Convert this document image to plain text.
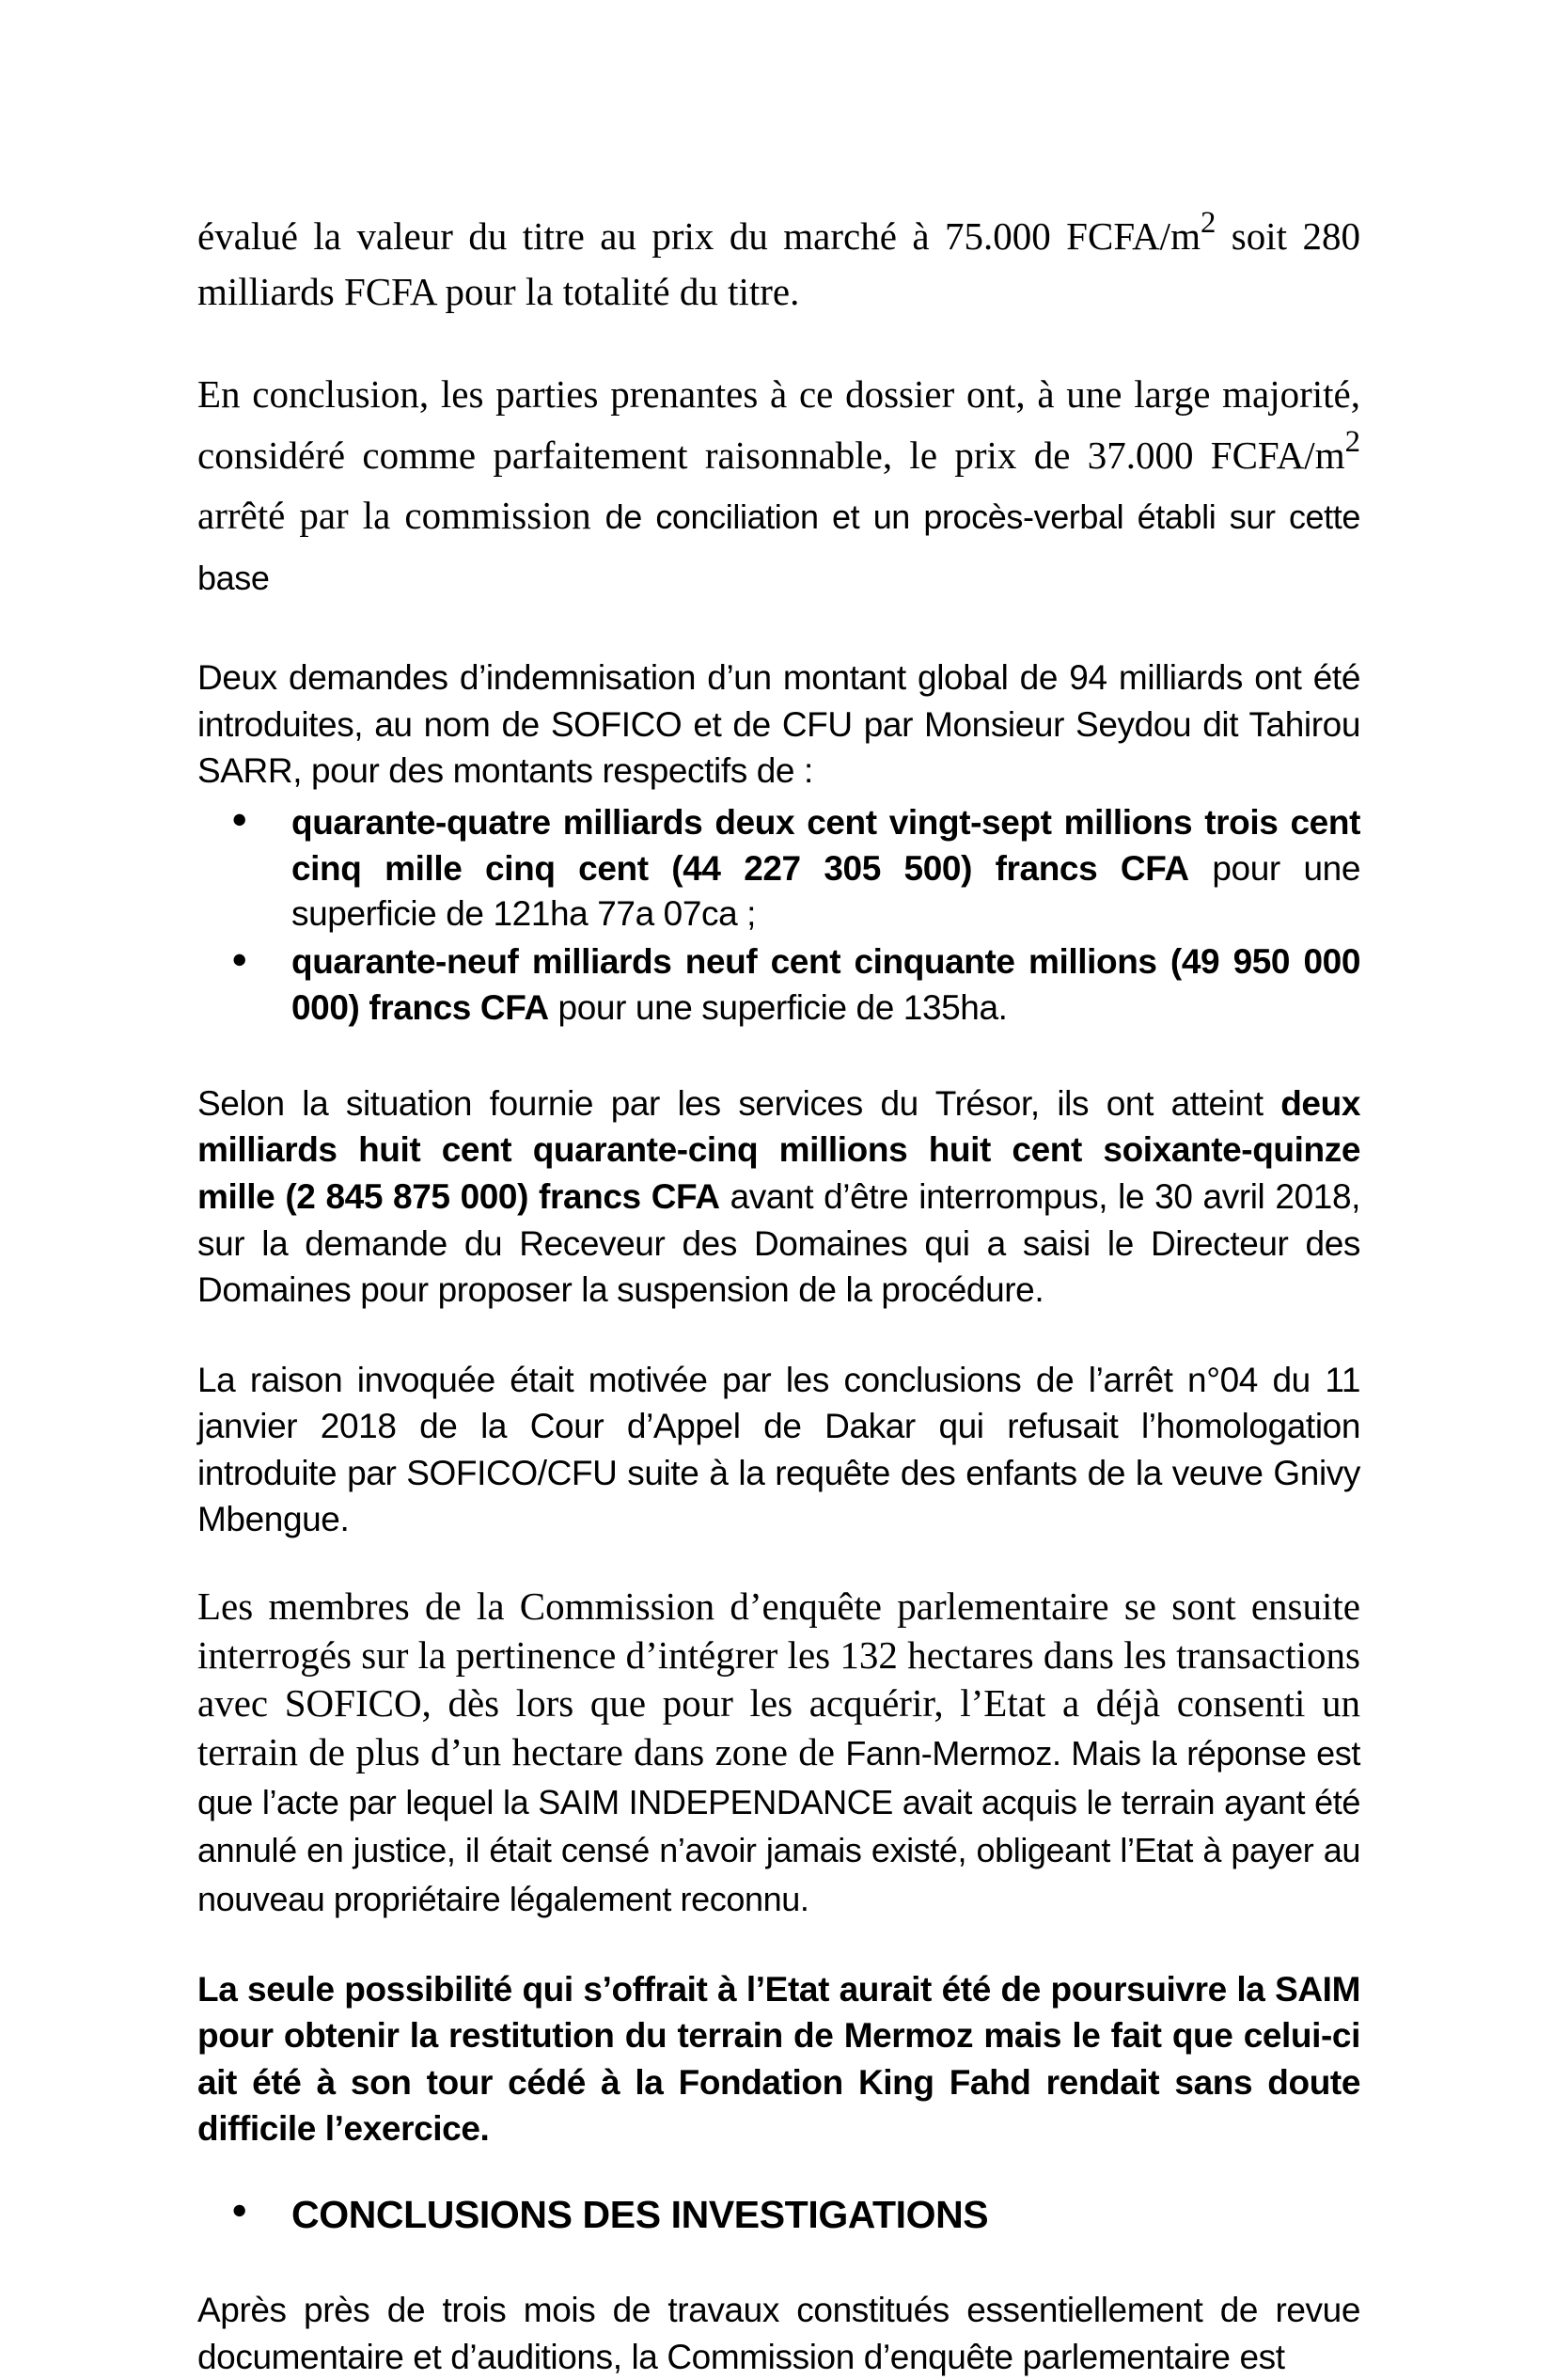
évalué la valeur du titre au prix du marché à 75.000 FCFA/$m^2$ soit 280 milliards FCFA pour la totalité du titre.

En conclusion, les parties prenantes à ce dossier ont, à une large majorité, considéré comme parfaitement raisonnable, le prix de 37.000 FCFA/$m^2$ arrêté par la commission de conciliation et un procès-verbal établi sur cette base

Deux demandes d’indemnisation d’un montant global de 94 milliards ont été introduites, au nom de SOFICO et de CFU par Monsieur Seydou dit Tahirou SARR, pour des montants respectifs de :

● quarante-quatre milliards deux cent vingt-sept millions trois cent cinq mille cinq cent (44 227 305 500) francs CFA pour une superficie de 121ha 77a 07ca ;
● quarante-neuf milliards neuf cent cinquante millions (49 950 000 000) francs CFA pour une superficie de 135ha.

Selon la situation fournie par les services du Trésor, ils ont atteint deux milliards huit cent quarante-cinq millions huit cent soixante-quinze mille (2 845 875 000) francs CFA avant d’être interrompus, le 30 avril 2018, sur la demande du Receveur des Domaines qui a saisi le Directeur des Domaines pour proposer la suspension de la procédure.

La raison invoquée était motivée par les conclusions de l’arrêt n°04 du 11 janvier 2018 de la Cour d’Appel de Dakar qui refusait l’homologation introduite par SOFICO/CFU suite à la requête des enfants de la veuve Gnivy Mbengue.

Les membres de la Commission d’enquête parlementaire se sont ensuite interrogés sur la pertinence d’intégrer les 132 hectares dans les transactions avec SOFICO, dès lors que pour les acquérir, l’Etat a déjà consenti un terrain de plus d’un hectare dans zone de Fann-Mermoz. Mais la réponse est que l’acte par lequel la SAIM INDEPENDANCE avait acquis le terrain ayant été annulé en justice, il était censé n’avoir jamais existé, obligeant l’Etat à payer au nouveau propriétaire légalement reconnu.

La seule possibilité qui s’offrait à l’Etat aurait été de poursuivre la SAIM pour obtenir la restitution du terrain de Mermoz mais le fait que celui-ci ait été à son tour cédé à la Fondation King Fahd rendait sans doute difficile l’exercice.

● CONCLUSIONS DES INVESTIGATIONS

Après près de trois mois de travaux constitués essentiellement de revue documentaire et d’auditions, la Commission d’enquête parlementaire est
